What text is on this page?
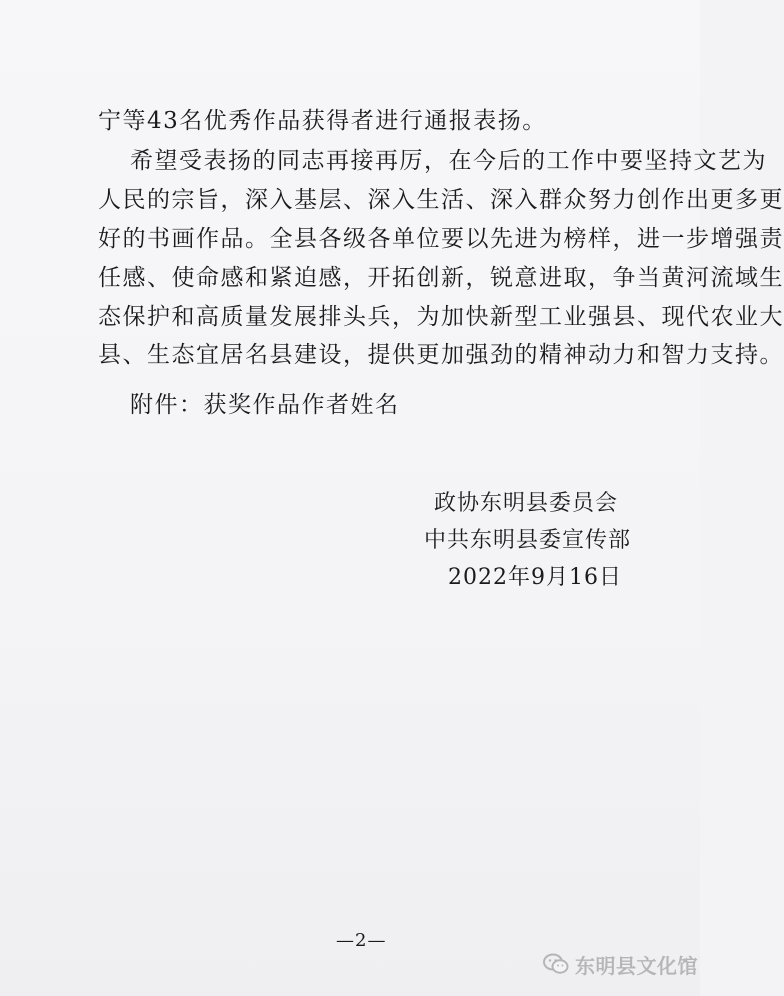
宁等43名优秀作品获得者进行通报表扬。
希望受表扬的同志再接再厉，在今后的工作中要坚持文艺为
人民的宗旨，深入基层、深入生活、深入群众努力创作出更多更
好的书画作品。全县各级各单位要以先进为榜样，进一步增强责
任感、使命感和紧迫感，开拓创新，锐意进取，争当黄河流域生
态保护和高质量发展排头兵，为加快新型工业强县、现代农业大
县、生态宜居名县建设，提供更加强劲的精神动力和智力支持。
附件：获奖作品作者姓名
政协东明县委员会
中共东明县委宣传部
2022年9月16日
—2—
东明县文化馆
